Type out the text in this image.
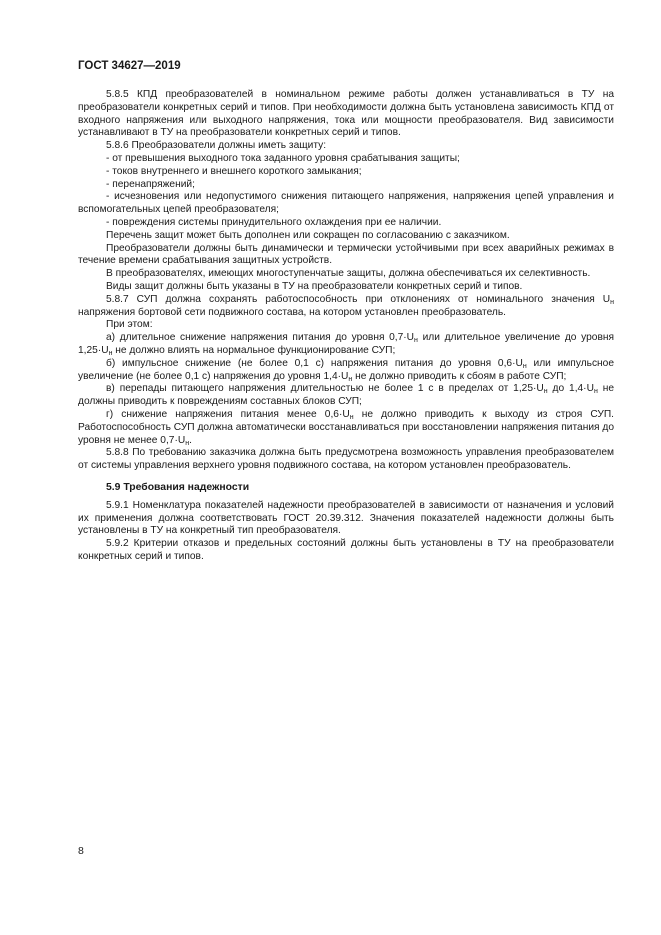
ГОСТ 34627—2019

5.8.5 КПД преобразователей в номинальном режиме работы должен устанавливаться в ТУ на преобразователи конкретных серий и типов. При необходимости должна быть установлена зависимость КПД от входного напряжения или выходного напряжения, тока или мощности преобразователя. Вид зависимости устанавливают в ТУ на преобразователи конкретных серий и типов.

5.8.6 Преобразователи должны иметь защиту:

- от превышения выходного тока заданного уровня срабатывания защиты;

- токов внутреннего и внешнего короткого замыкания;

- перенапряжений;

- исчезновения или недопустимого снижения питающего напряжения, напряжения цепей управления и вспомогательных цепей преобразователя;

- повреждения системы принудительного охлаждения при ее наличии.

Перечень защит может быть дополнен или сокращен по согласованию с заказчиком.

Преобразователи должны быть динамически и термически устойчивыми при всех аварийных режимах в течение времени срабатывания защитных устройств.

В преобразователях, имеющих многоступенчатые защиты, должна обеспечиваться их селективность.

Виды защит должны быть указаны в ТУ на преобразователи конкретных серий и типов.

5.8.7 СУП должна сохранять работоспособность при отклонениях от номинального значения $U_н$ напряжения бортовой сети подвижного состава, на котором установлен преобразователь.

При этом:

а) длительное снижение напряжения питания до уровня $0,7\cdot U_н$ или длительное увеличение до уровня $1,25\cdot U_н$ не должно влиять на нормальное функционирование СУП;

б) импульсное снижение (не более 0,1 с) напряжения питания до уровня $0,6\cdot U_н$ или импульсное увеличение (не более 0,1 с) напряжения до уровня $1,4\cdot U_н$ не должно приводить к сбоям в работе СУП;

в) перепады питающего напряжения длительностью не более 1 с в пределах от $1,25\cdot U_н$ до $1,4\cdot U_н$ не должны приводить к повреждениям составных блоков СУП;

г) снижение напряжения питания менее $0,6\cdot U_н$ не должно приводить к выходу из строя СУП. Работоспособность СУП должна автоматически восстанавливаться при восстановлении напряжения питания до уровня не менее $0,7\cdot U_н$.

5.8.8 По требованию заказчика должна быть предусмотрена возможность управления преобразователем от системы управления верхнего уровня подвижного состава, на котором установлен преобразователь.

5.9 Требования надежности

5.9.1 Номенклатура показателей надежности преобразователей в зависимости от назначения и условий их применения должна соответствовать ГОСТ 20.39.312. Значения показателей надежности должны быть установлены в ТУ на конкретный тип преобразователя.

5.9.2 Критерии отказов и предельных состояний должны быть установлены в ТУ на преобразователи конкретных серий и типов.

8
